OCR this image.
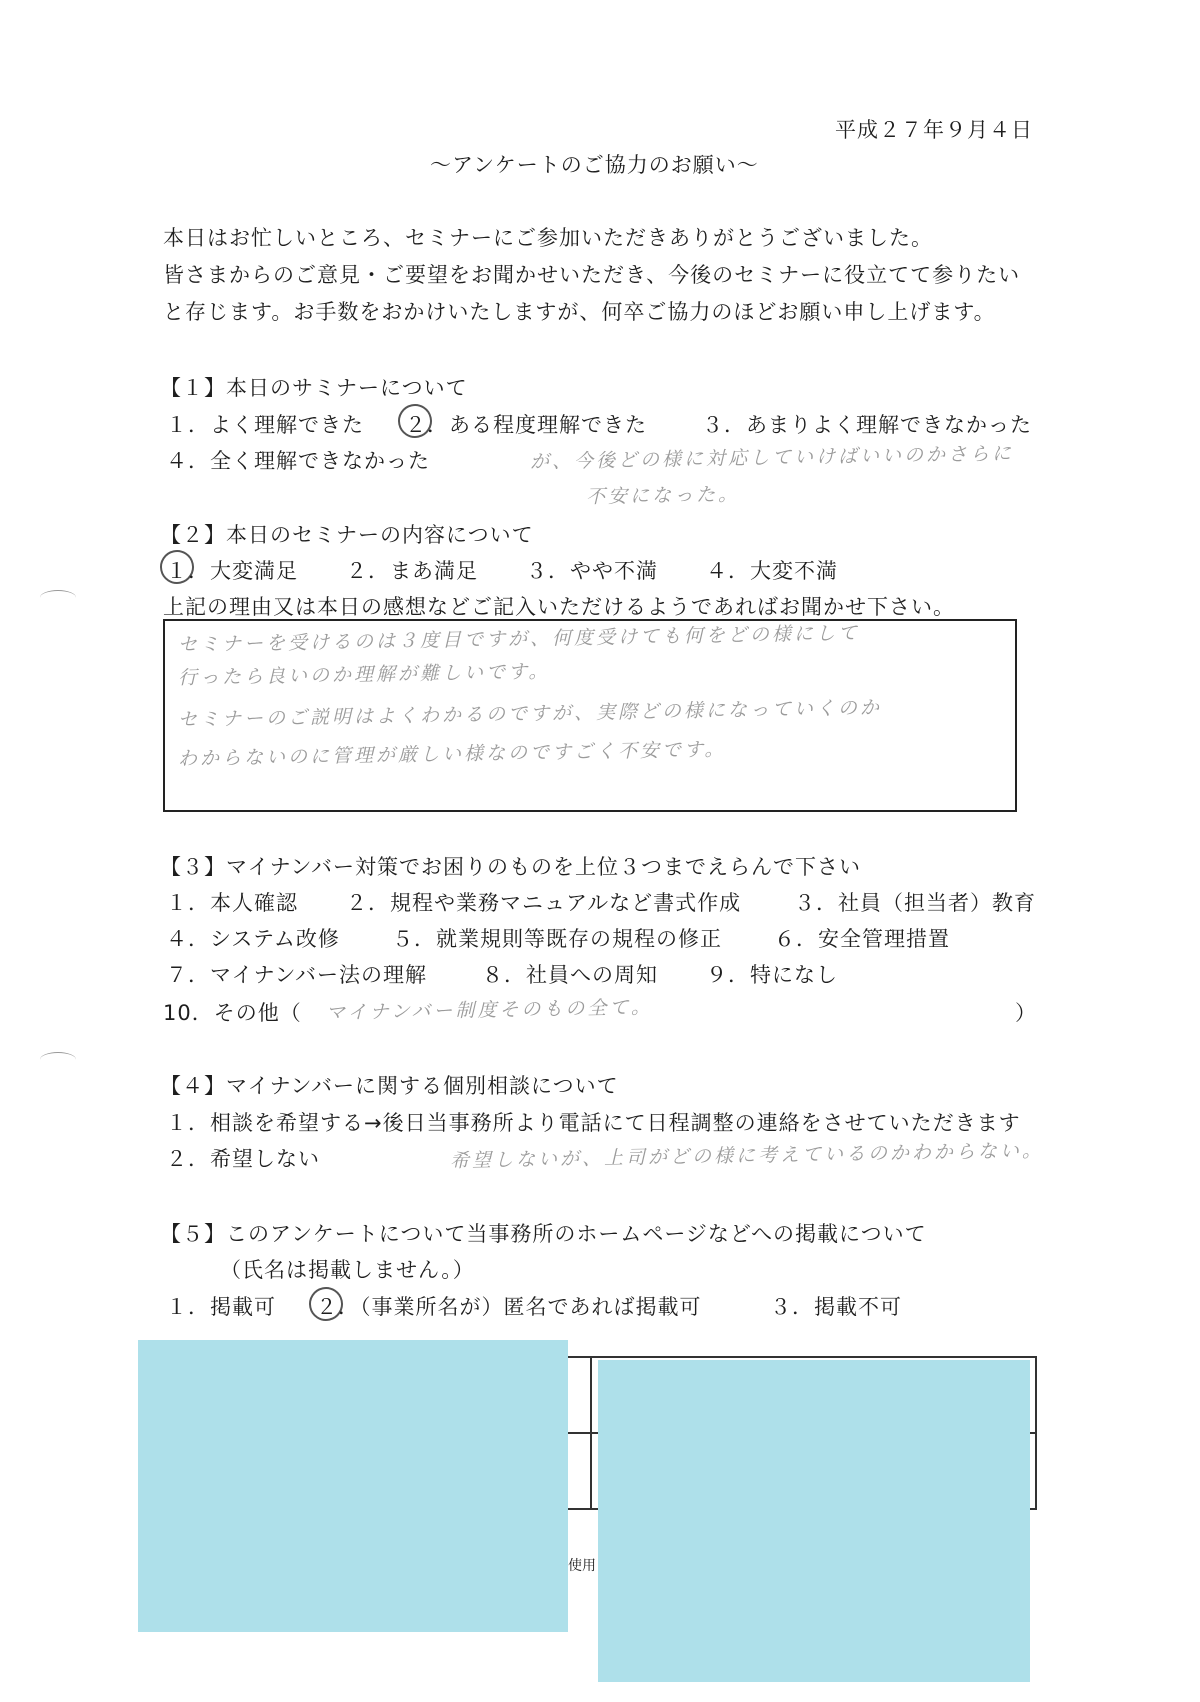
平成２７年９月４日
～アンケートのご協力のお願い～
本日はお忙しいところ、セミナーにご参加いただきありがとうございました。
皆さまからのご意見・ご要望をお聞かせいただき、今後のセミナーに役立てて参りたい
と存じます。お手数をおかけいたしますが、何卒ご協力のほどお願い申し上げます。
【１】本日のサミナーについて
１．よく理解できた ２．ある程度理解できた	３．あまりよく理解できなかった
４．全く理解できなかった	が、今後どの様に対応していけばいいのかさらに
不安になった。
【２】本日のセミナーの内容について
１．大変満足 ２．まあ満足 ３．やや不満 ４．大変不満
上記の理由又は本日の感想などご記入いただけるようであればお聞かせ下さい。
セミナーを受けるのは３度目ですが、何度受けても何をどの様にして
行ったら良いのか理解が難しいです。
セミナーのご説明はよくわかるのですが、実際どの様になっていくのか
わからないのに管理が厳しい様なのですごく不安です。
【３】マイナンバー対策でお困りのものを上位３つまでえらんで下さい
１．本人確認 ２．規程や業務マニュアルなど書式作成	３．社員（担当者）教育
４．システム改修 ５．就業規則等既存の規程の修正 ６．安全管理措置
７．マイナンバー法の理解	８．社員への周知 ９．特になし
10．その他（ マイナンバー制度そのもの全て。	）
【４】マイナンバーに関する個別相談について
１．相談を希望する→後日当事務所より電話にて日程調整の連絡をさせていただきます
２．希望しない	希望しないが、上司がどの様に考えているのかわからない。
【５】このアンケートについて当事務所のホームページなどへの掲載について
（氏名は掲載しません。）
１．掲載可 ２．（事業所名が）匿名であれば掲載可	３．掲載不可
使用
